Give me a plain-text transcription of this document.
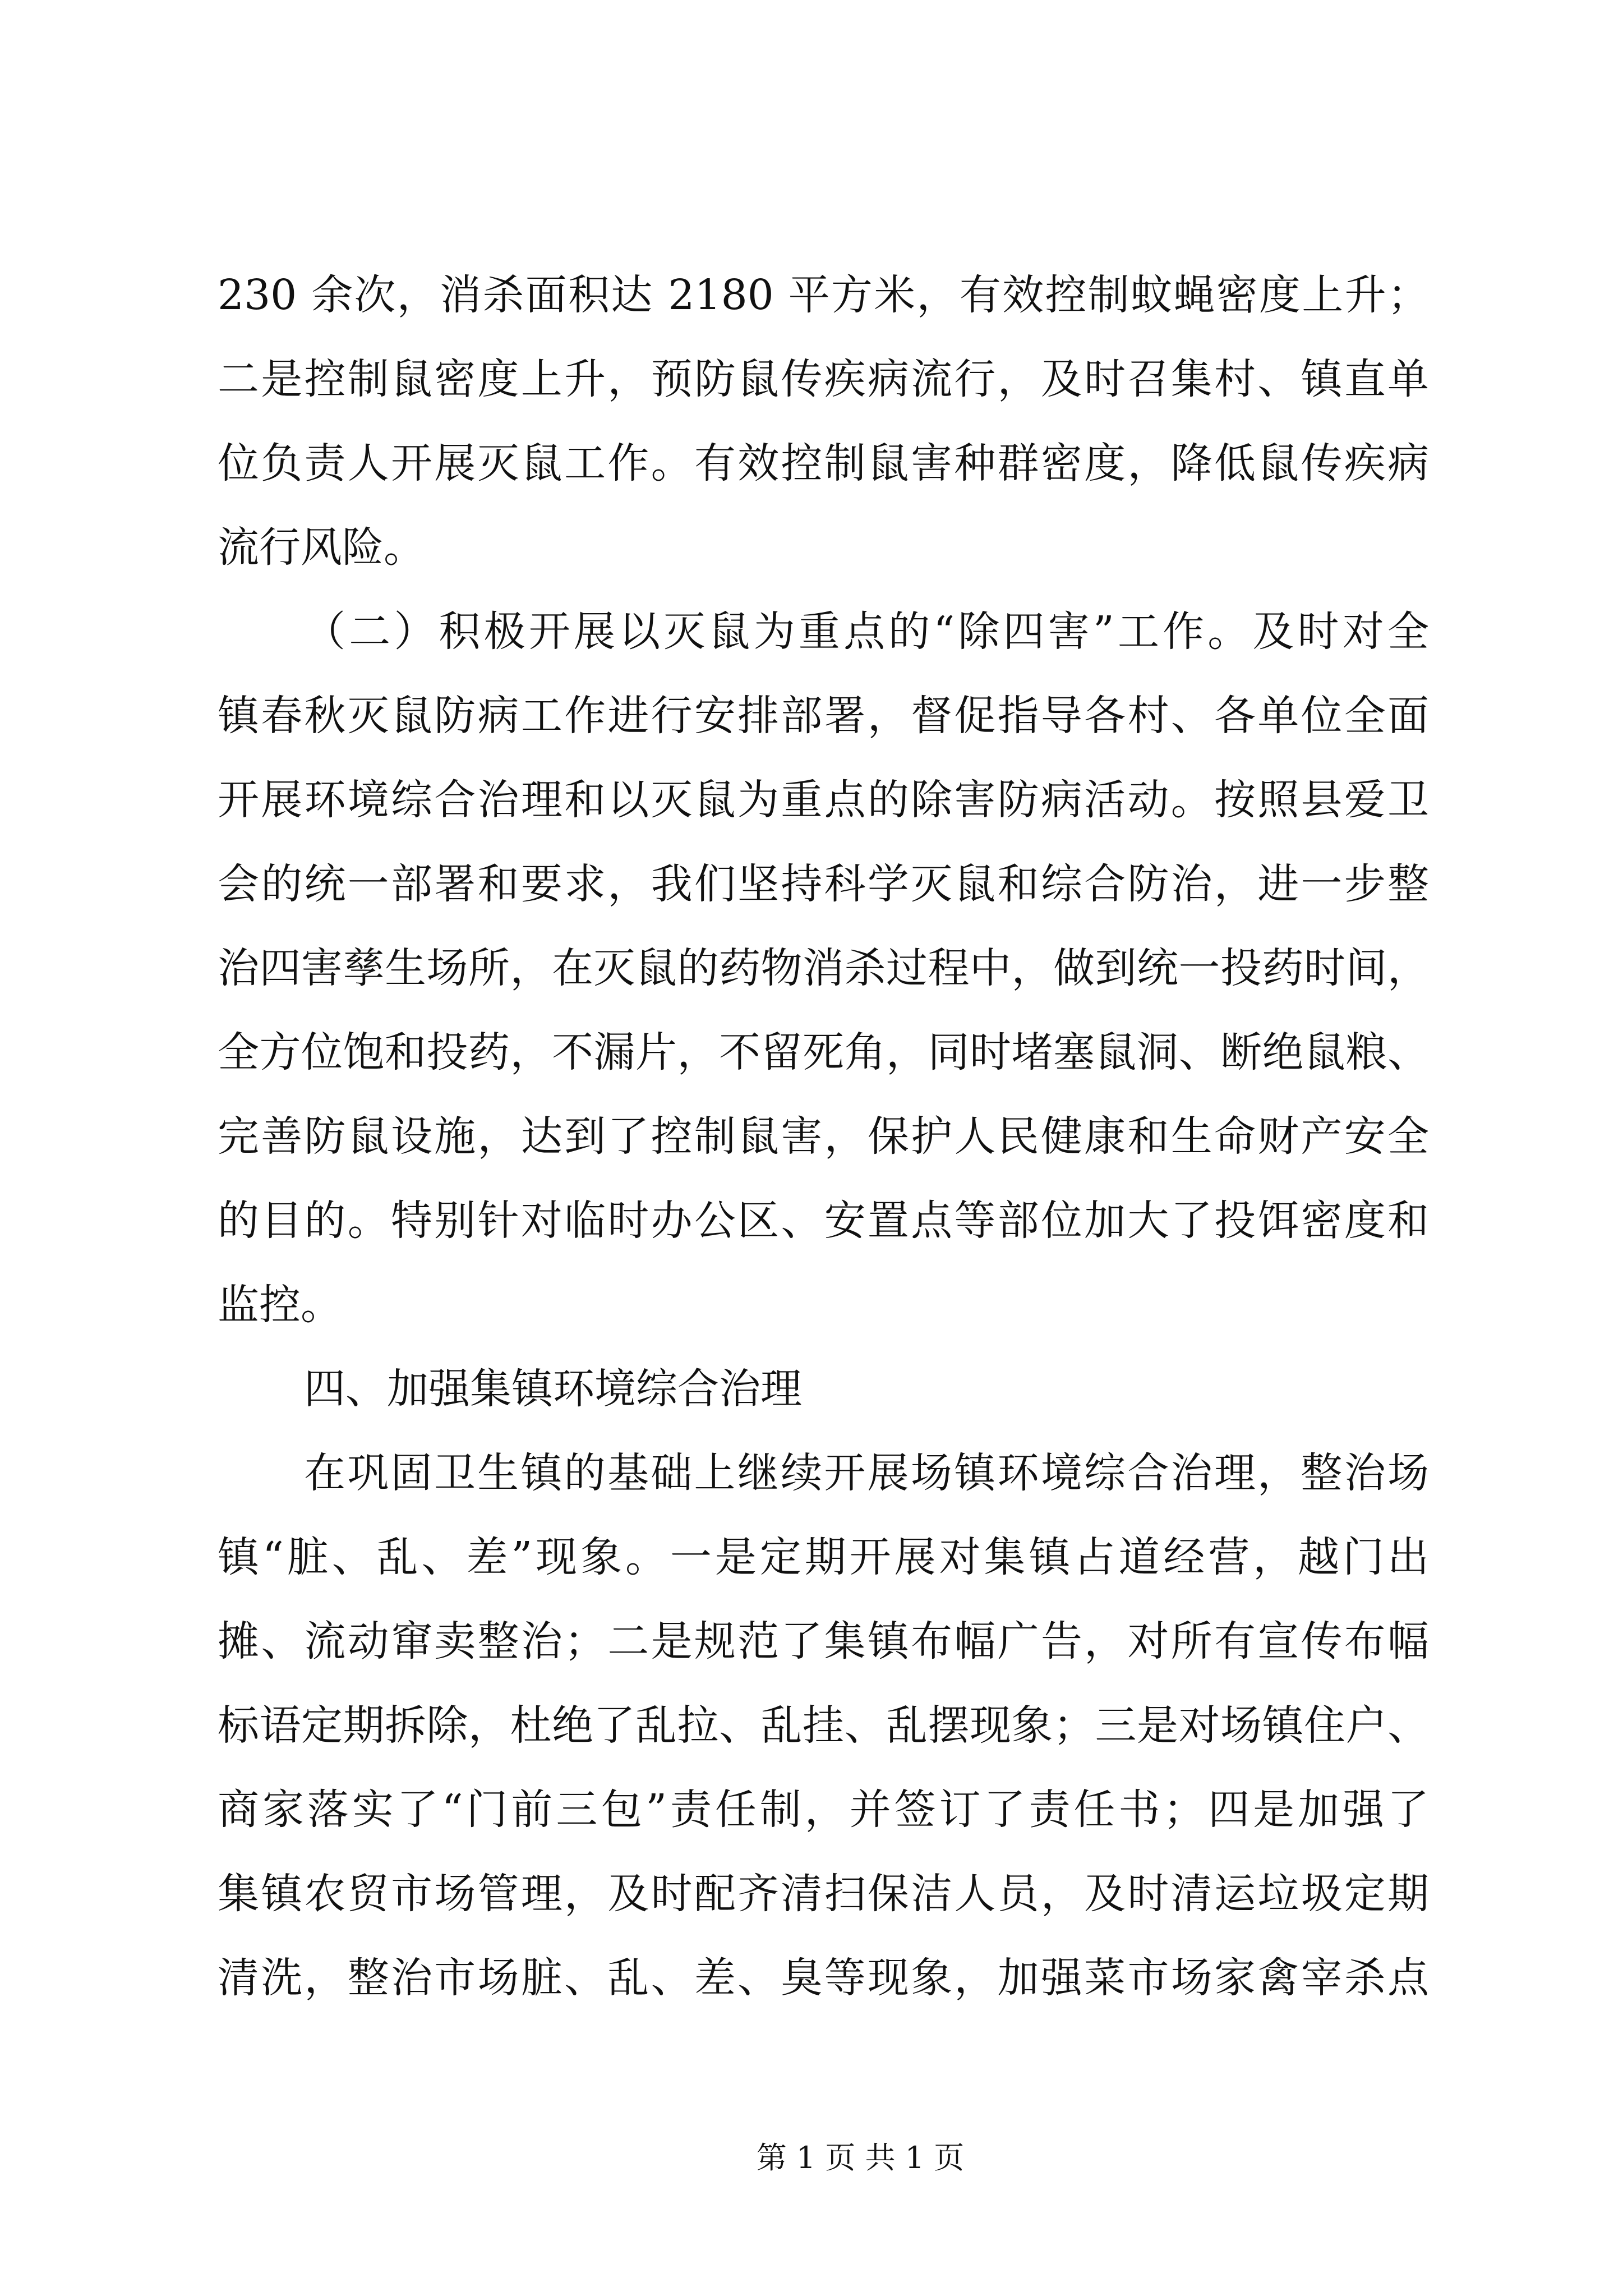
230 余次，消杀面积达 2180 平方米，有效控制蚊蝇密度上升；
二是控制鼠密度上升，预防鼠传疾病流行，及时召集村、镇直单
位负责人开展灭鼠工作。有效控制鼠害种群密度，降低鼠传疾病
流行风险。
（二）积极开展以灭鼠为重点的“除四害”工作。及时对全
镇春秋灭鼠防病工作进行安排部署，督促指导各村、各单位全面
开展环境综合治理和以灭鼠为重点的除害防病活动。按照县爱卫
会的统一部署和要求，我们坚持科学灭鼠和综合防治，进一步整
治四害孳生场所，在灭鼠的药物消杀过程中，做到统一投药时间，
全方位饱和投药，不漏片，不留死角，同时堵塞鼠洞、断绝鼠粮、
完善防鼠设施，达到了控制鼠害，保护人民健康和生命财产安全
的目的。特别针对临时办公区、安置点等部位加大了投饵密度和
监控。
四、加强集镇环境综合治理
在巩固卫生镇的基础上继续开展场镇环境综合治理，整治场
镇“脏、乱、差”现象。一是定期开展对集镇占道经营，越门出
摊、流动窜卖整治；二是规范了集镇布幅广告，对所有宣传布幅
标语定期拆除，杜绝了乱拉、乱挂、乱摆现象；三是对场镇住户、
商家落实了“门前三包”责任制，并签订了责任书；四是加强了
集镇农贸市场管理，及时配齐清扫保洁人员，及时清运垃圾定期
清洗，整治市场脏、乱、差、臭等现象，加强菜市场家禽宰杀点
第 1 页 共 1 页
